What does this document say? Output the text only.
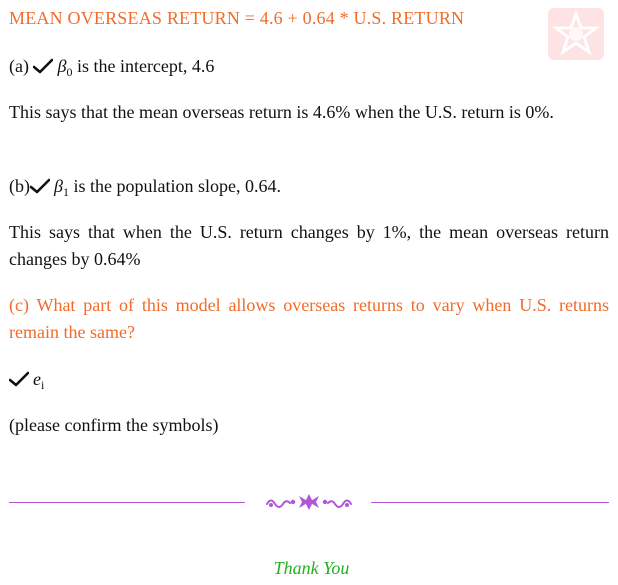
MEAN OVERSEAS RETURN = 4.6 + 0.64 * U.S. RETURN
(a) $\beta_0$ is the intercept, 4.6
This says that the mean overseas return is 4.6% when the U.S. return is 0%.
(b) $\beta_1$ is the population slope, 0.64.
This says that when the U.S. return changes by 1%, the mean overseas return changes by 0.64%
(c) What part of this model allows overseas returns to vary when U.S. returns remain the same?
$e_i$
(please confirm the symbols)
Thank You
